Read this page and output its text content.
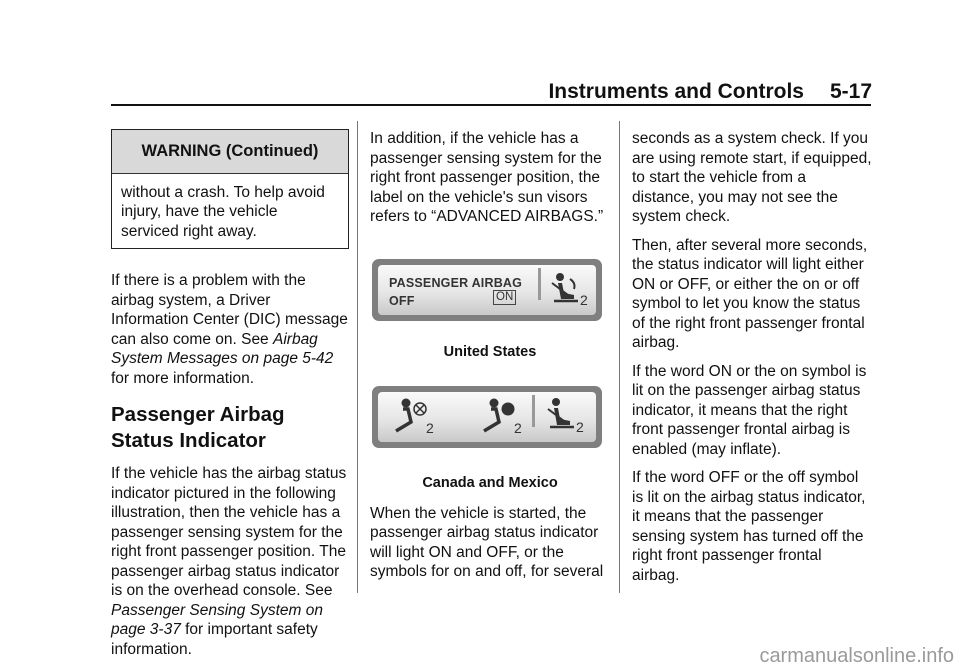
Instruments and Controls 5-17
WARNING (Continued)
without a crash. To help avoid injury, have the vehicle serviced right away.

If there is a problem with the airbag system, a Driver Information Center (DIC) message can also come on. See Airbag System Messages on page 5-42 for more information.

Passenger Airbag Status Indicator

If the vehicle has the airbag status indicator pictured in the following illustration, then the vehicle has a passenger sensing system for the right front passenger position. The passenger airbag status indicator is on the overhead console. See Passenger Sensing System on page 3-37 for important safety information.

In addition, if the vehicle has a passenger sensing system for the right front passenger position, the label on the vehicle's sun visors refers to “ADVANCED AIRBAGS.”

PASSENGER AIRBAG
OFF	ON	2
United States
2	2	2
Canada and Mexico

When the vehicle is started, the passenger airbag status indicator will light ON and OFF, or the symbols for on and off, for several

seconds as a system check. If you are using remote start, if equipped, to start the vehicle from a distance, you may not see the system check.

Then, after several more seconds, the status indicator will light either ON or OFF, or either the on or off symbol to let you know the status of the right front passenger frontal airbag.

If the word ON or the on symbol is lit on the passenger airbag status indicator, it means that the right front passenger frontal airbag is enabled (may inflate).

If the word OFF or the off symbol is lit on the airbag status indicator, it means that the passenger sensing system has turned off the right front passenger frontal airbag.

carmanualsonline.info
